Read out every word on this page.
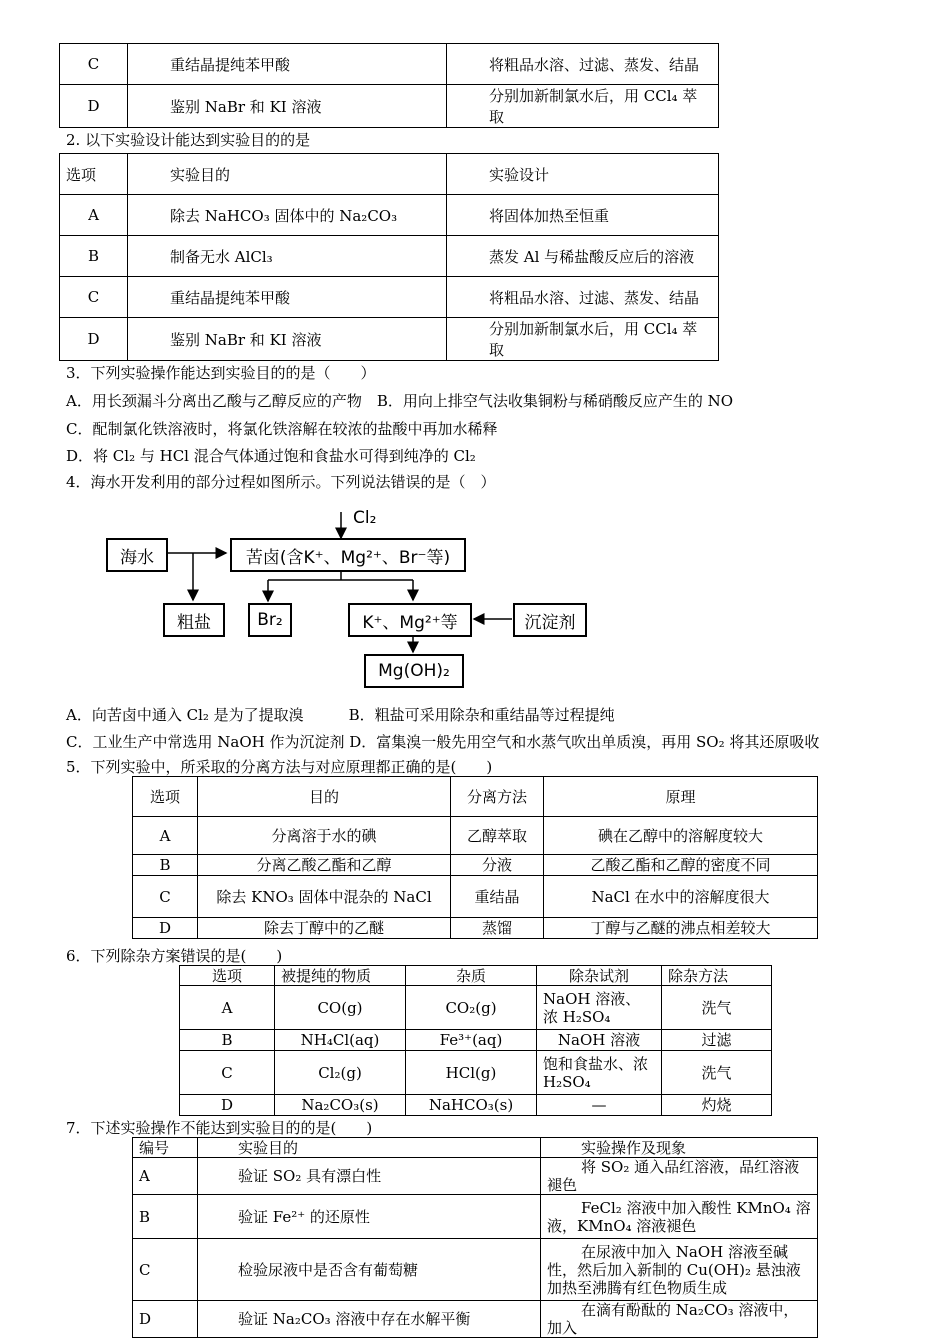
C	重结晶提纯苯甲酸	将粗品水溶、过滤、蒸发、结晶
D	鉴别 NaBr 和 KI 溶液	分别加新制氯水后，用 CCl₄ 萃取
2. 以下实验设计能达到实验目的的是
选项	实验目的	实验设计
A	除去 NaHCO₃ 固体中的 Na₂CO₃	将固体加热至恒重
B	制备无水 AlCl₃	蒸发 Al 与稀盐酸反应后的溶液
C	重结晶提纯苯甲酸	将粗品水溶、过滤、蒸发、结晶
D	鉴别 NaBr 和 KI 溶液	分别加新制氯水后，用 CCl₄ 萃取
3．下列实验操作能达到实验目的的是（　　）
A．用长颈漏斗分离出乙酸与乙醇反应的产物　B．用向上排空气法收集铜粉与稀硝酸反应产生的 NO
C．配制氯化铁溶液时，将氯化铁溶解在较浓的盐酸中再加水稀释
D．将 Cl₂ 与 HCl 混合气体通过饱和食盐水可得到纯净的 Cl₂
4．海水开发利用的部分过程如图所示。下列说法错误的是（　）
Cl₂
海水	苦卤(含K⁺、Mg²⁺、Br⁻等)
粗盐	Br₂	K⁺、Mg²⁺等	沉淀剂
Mg(OH)₂
A．向苦卤中通入 Cl₂ 是为了提取溴　　　B．粗盐可采用除杂和重结晶等过程提纯
C．工业生产中常选用 NaOH 作为沉淀剂 D．富集溴一般先用空气和水蒸气吹出单质溴，再用 SO₂ 将其还原吸收
5．下列实验中，所采取的分离方法与对应原理都正确的是(　　)
选项	目的	分离方法	原理
A	分离溶于水的碘	乙醇萃取	碘在乙醇中的溶解度较大
B	分离乙酸乙酯和乙醇	分液	乙酸乙酯和乙醇的密度不同
C	除去 KNO₃ 固体中混杂的 NaCl	重结晶	NaCl 在水中的溶解度很大
D	除去丁醇中的乙醚	蒸馏	丁醇与乙醚的沸点相差较大
6．下列除杂方案错误的是(　　)
选项	被提纯的物质	杂质	除杂试剂	除杂方法
A	CO(g)	CO₂(g)	NaOH 溶液、浓 H₂SO₄	洗气
B	NH₄Cl(aq)	Fe³⁺(aq)	NaOH 溶液	过滤
C	Cl₂(g)	HCl(g)	饱和食盐水、浓 H₂SO₄	洗气
D	Na₂CO₃(s)	NaHCO₃(s)	—	灼烧
7．下述实验操作不能达到实验目的的是(　　)
编号	实验目的	实验操作及现象
A	验证 SO₂ 具有漂白性	将 SO₂ 通入品红溶液，品红溶液褪色
B	验证 Fe²⁺ 的还原性	FeCl₂ 溶液中加入酸性 KMnO₄ 溶液，KMnO₄ 溶液褪色
C	检验尿液中是否含有葡萄糖	在尿液中加入 NaOH 溶液至碱性，然后加入新制的 Cu(OH)₂ 悬浊液加热至沸腾有红色物质生成
D	验证 Na₂CO₃ 溶液中存在水解平衡	在滴有酚酞的 Na₂CO₃ 溶液中，加入
